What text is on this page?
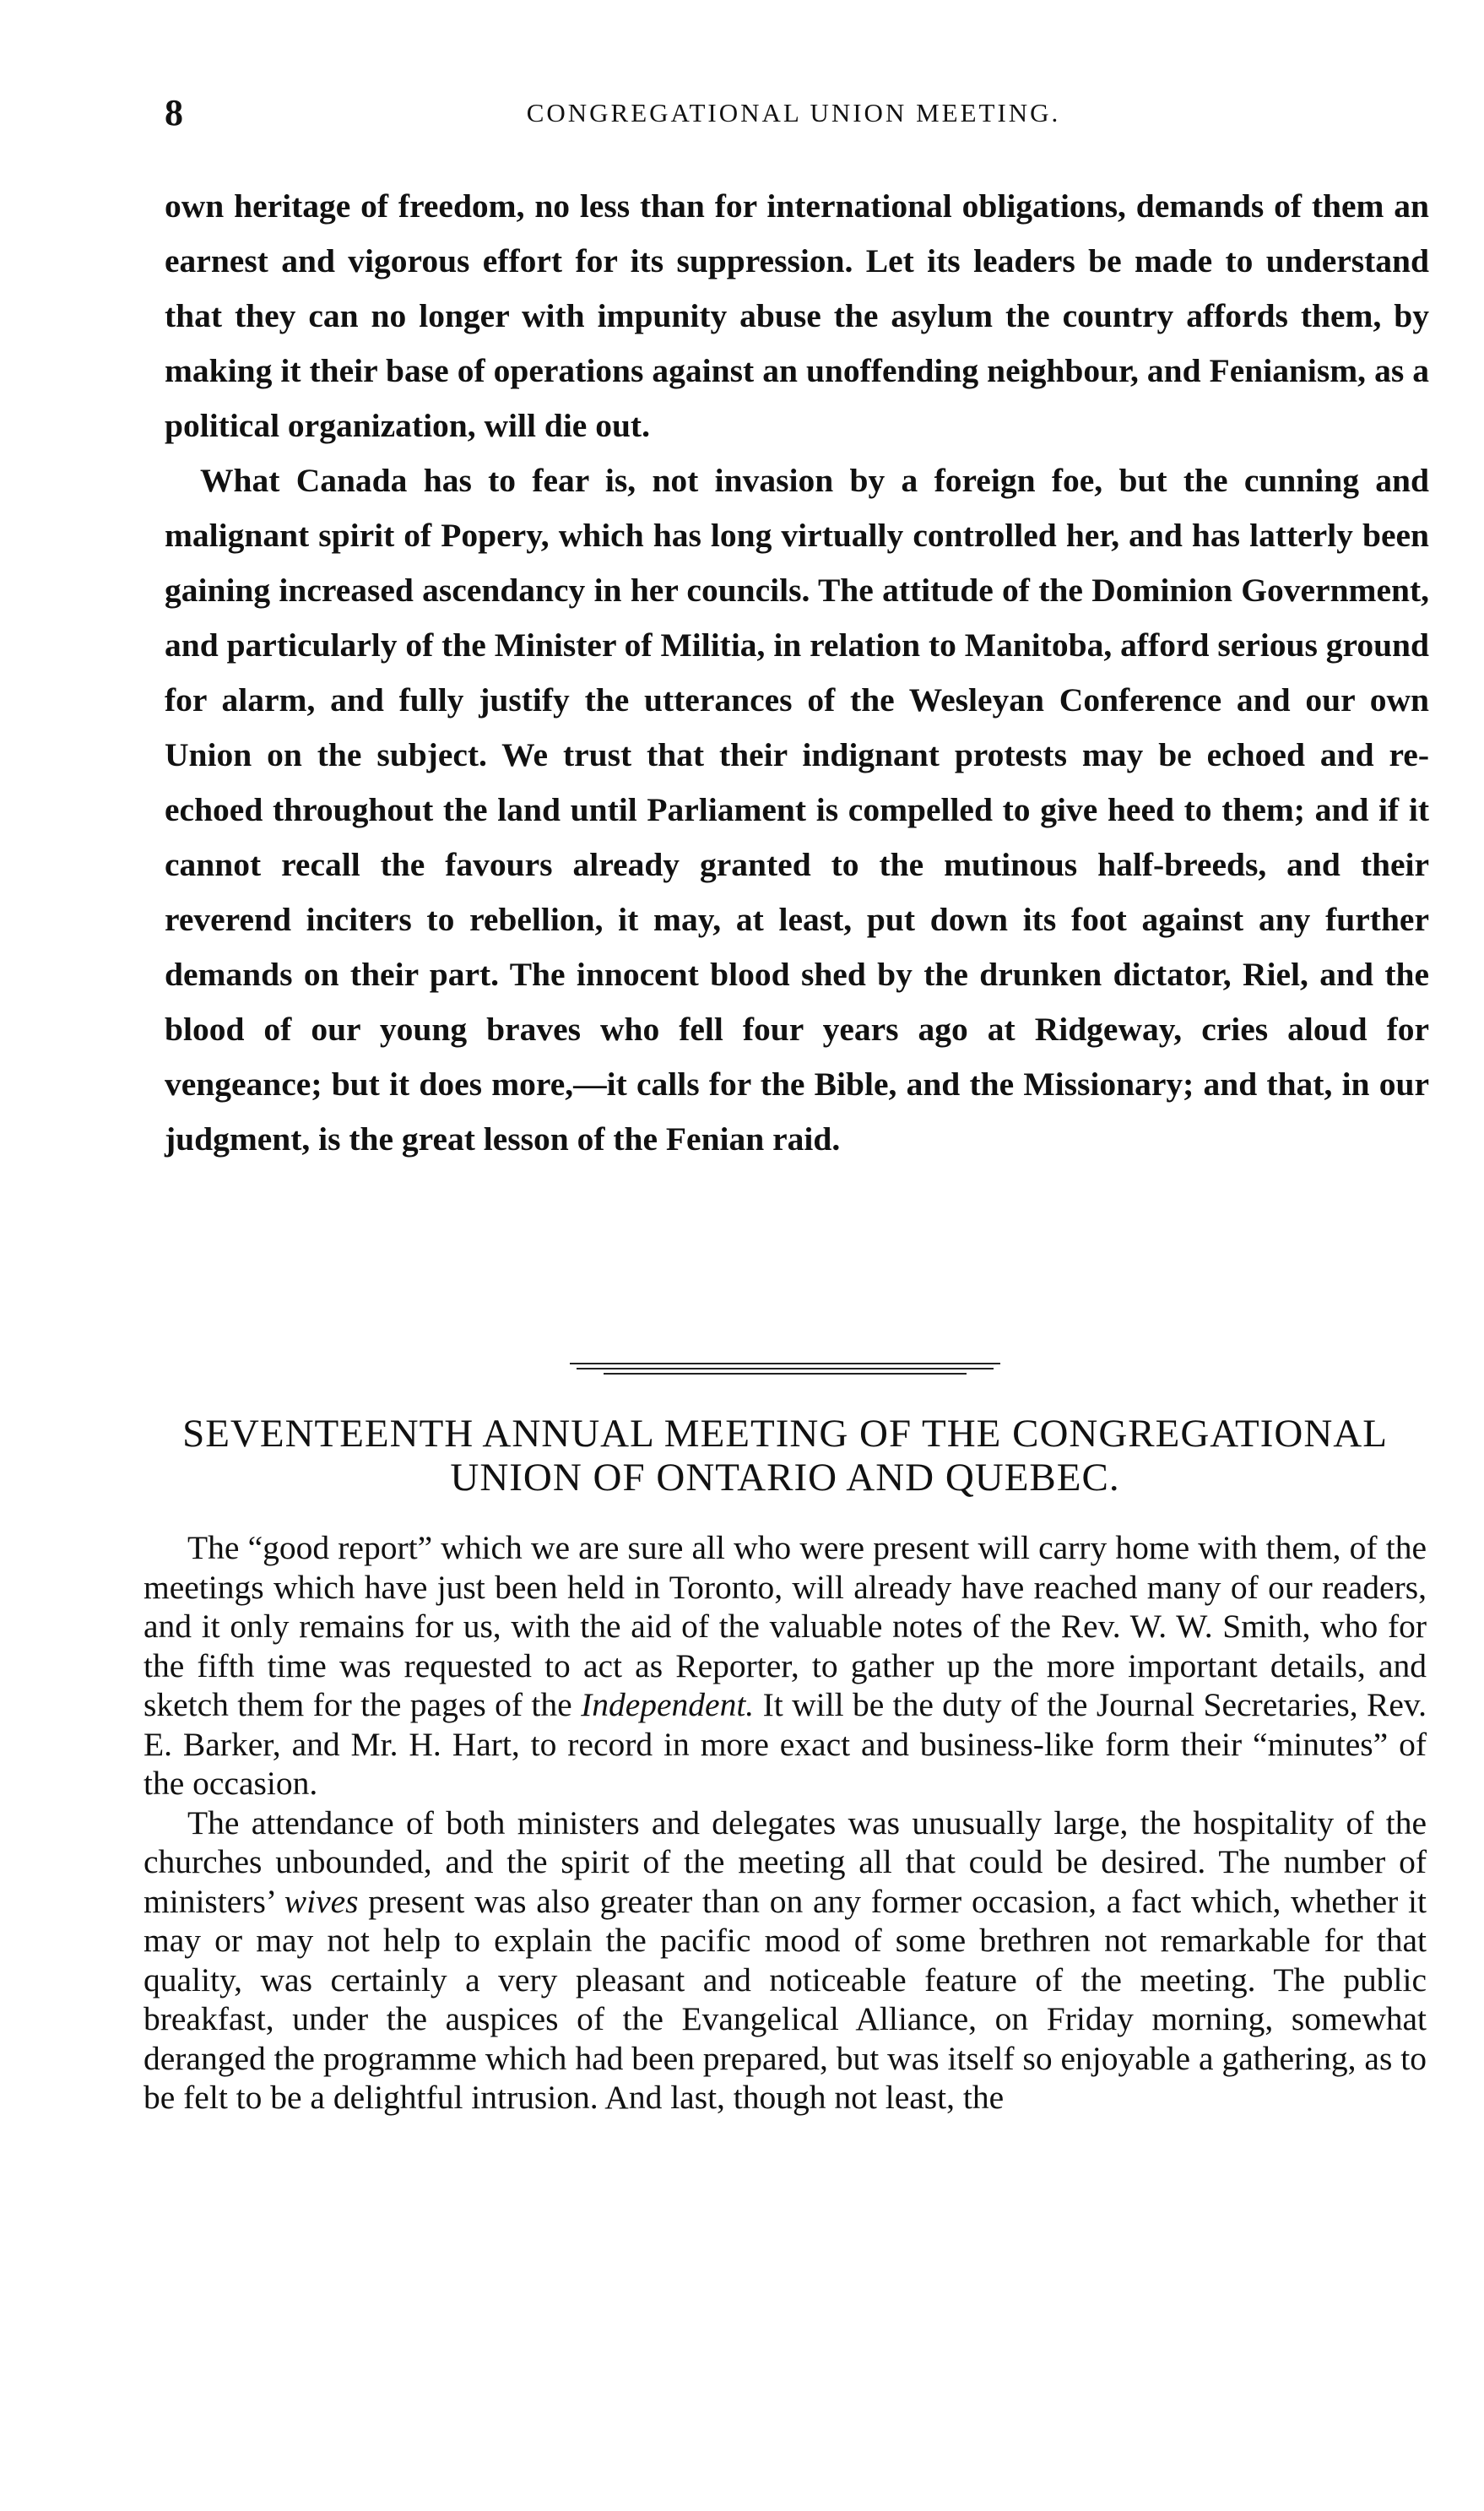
8	CONGREGATIONAL UNION MEETING.

own heritage of freedom, no less than for international obligations, demands of them an earnest and vigorous effort for its suppression. Let its leaders be made to understand that they can no longer with impunity abuse the asylum the country affords them, by making it their base of operations against an unoffending neighbour, and Fenianism, as a political organization, will die out.

What Canada has to fear is, not invasion by a foreign foe, but the cunning and malignant spirit of Popery, which has long virtually controlled her, and has latterly been gaining increased ascendancy in her councils. The attitude of the Dominion Government, and particularly of the Minister of Militia, in relation to Manitoba, afford serious ground for alarm, and fully justify the utterances of the Wesleyan Conference and our own Union on the subject. We trust that their indignant protests may be echoed and re-echoed throughout the land until Parliament is compelled to give heed to them; and if it cannot recall the favours already granted to the mutinous half-breeds, and their reverend inciters to rebellion, it may, at least, put down its foot against any further demands on their part. The innocent blood shed by the drunken dictator, Riel, and the blood of our young braves who fell four years ago at Ridgeway, cries aloud for vengeance; but it does more,—it calls for the Bible, and the Missionary; and that, in our judgment, is the great lesson of the Fenian raid.

SEVENTEENTH ANNUAL MEETING OF THE CONGREGATIONAL UNION OF ONTARIO AND QUEBEC.

The “good report” which we are sure all who were present will carry home with them, of the meetings which have just been held in Toronto, will already have reached many of our readers, and it only remains for us, with the aid of the valuable notes of the Rev. W. W. Smith, who for the fifth time was requested to act as Reporter, to gather up the more important details, and sketch them for the pages of the Independent. It will be the duty of the Journal Secretaries, Rev. E. Barker, and Mr. H. Hart, to record in more exact and business-like form their “minutes” of the occasion.

The attendance of both ministers and delegates was unusually large, the hospitality of the churches unbounded, and the spirit of the meeting all that could be desired. The number of ministers’ wives present was also greater than on any former occasion, a fact which, whether it may or may not help to explain the pacific mood of some brethren not remarkable for that quality, was certainly a very pleasant and noticeable feature of the meeting. The public breakfast, under the auspices of the Evangelical Alliance, on Friday morning, somewhat deranged the programme which had been prepared, but was itself so enjoyable a gathering, as to be felt to be a delightful intrusion. And last, though not least, the
